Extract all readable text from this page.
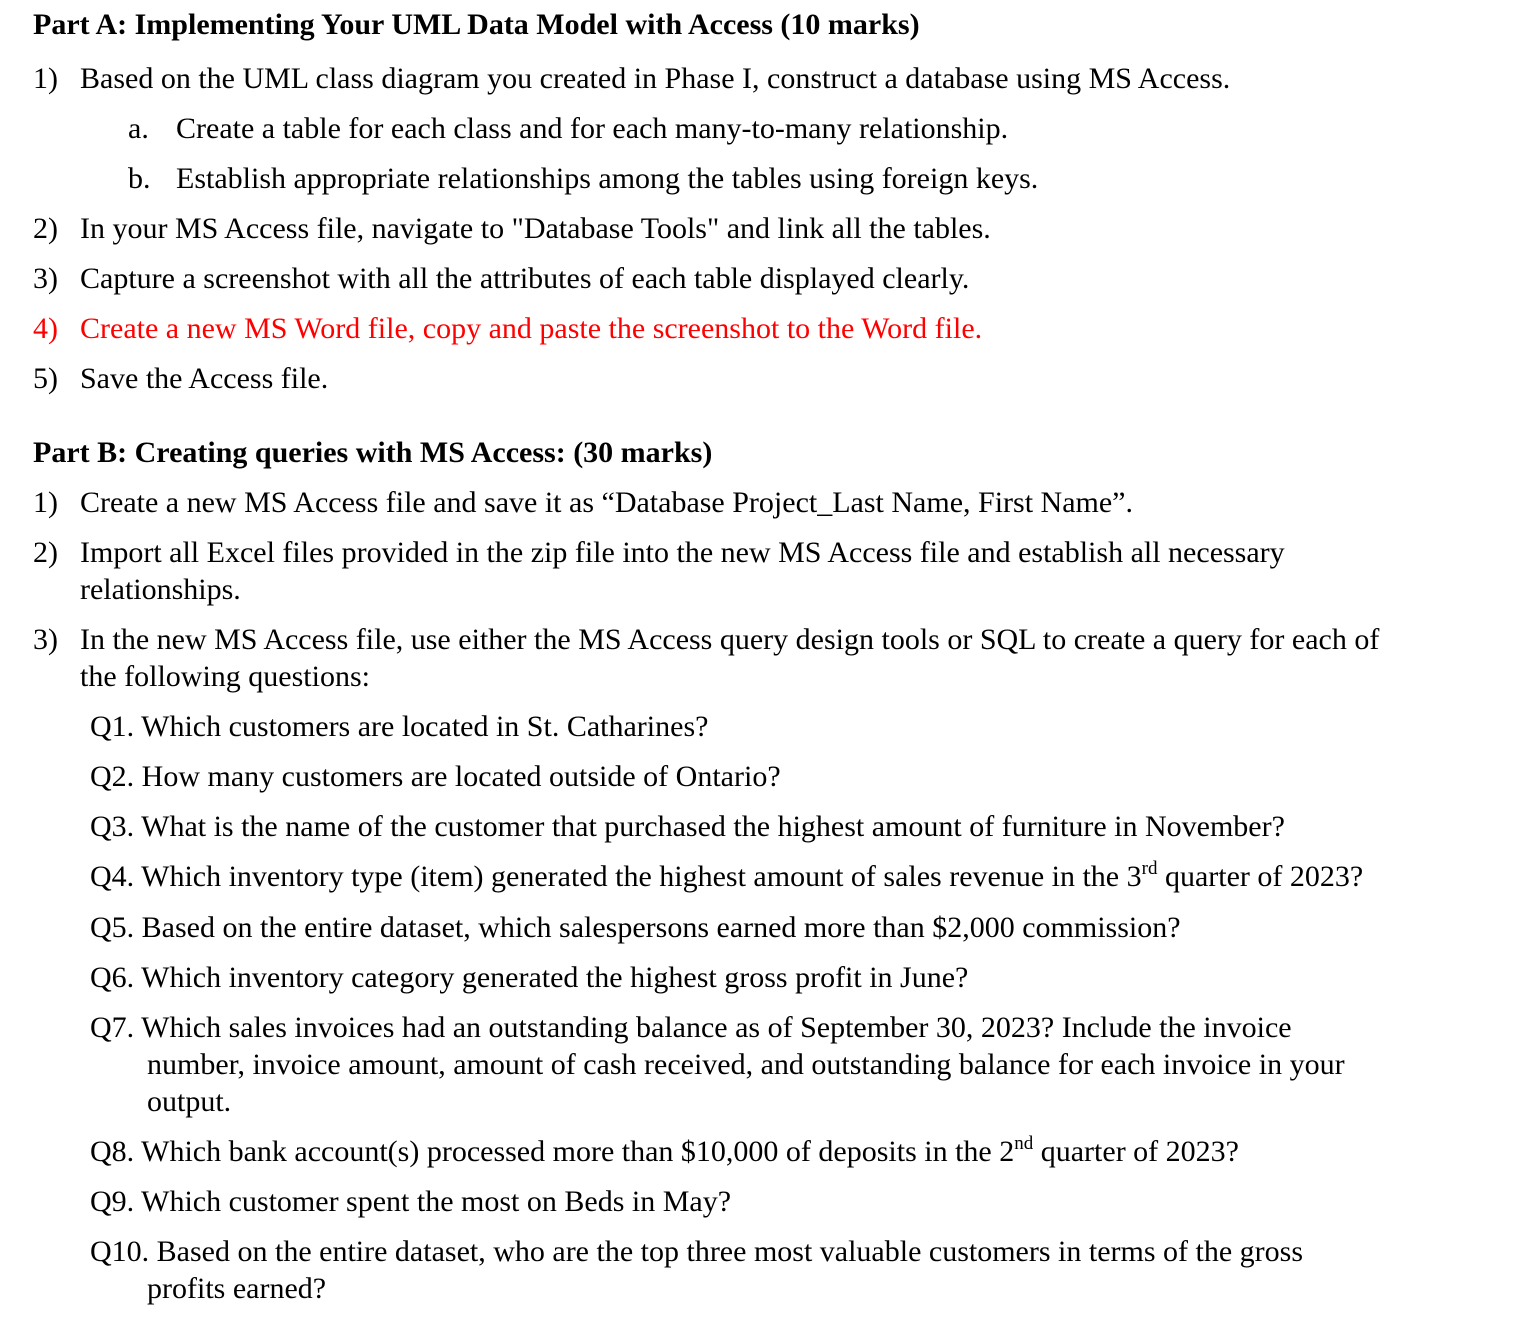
Part A: Implementing Your UML Data Model with Access (10 marks)
1) Based on the UML class diagram you created in Phase I, construct a database using MS Access.
a. Create a table for each class and for each many-to-many relationship.
b. Establish appropriate relationships among the tables using foreign keys.
2) In your MS Access file, navigate to "Database Tools" and link all the tables.
3) Capture a screenshot with all the attributes of each table displayed clearly.
4) Create a new MS Word file, copy and paste the screenshot to the Word file.
5) Save the Access file.
Part B: Creating queries with MS Access: (30 marks)
1) Create a new MS Access file and save it as “Database Project_Last Name, First Name”.
2) Import all Excel files provided in the zip file into the new MS Access file and establish all necessary
relationships.
3) In the new MS Access file, use either the MS Access query design tools or SQL to create a query for each of
the following questions:
Q1. Which customers are located in St. Catharines?
Q2. How many customers are located outside of Ontario?
Q3. What is the name of the customer that purchased the highest amount of furniture in November?
Q4. Which inventory type (item) generated the highest amount of sales revenue in the 3rd quarter of 2023?
Q5. Based on the entire dataset, which salespersons earned more than $2,000 commission?
Q6. Which inventory category generated the highest gross profit in June?
Q7. Which sales invoices had an outstanding balance as of September 30, 2023? Include the invoice
number, invoice amount, amount of cash received, and outstanding balance for each invoice in your
output.
Q8. Which bank account(s) processed more than $10,000 of deposits in the 2nd quarter of 2023?
Q9. Which customer spent the most on Beds in May?
Q10. Based on the entire dataset, who are the top three most valuable customers in terms of the gross
profits earned?
